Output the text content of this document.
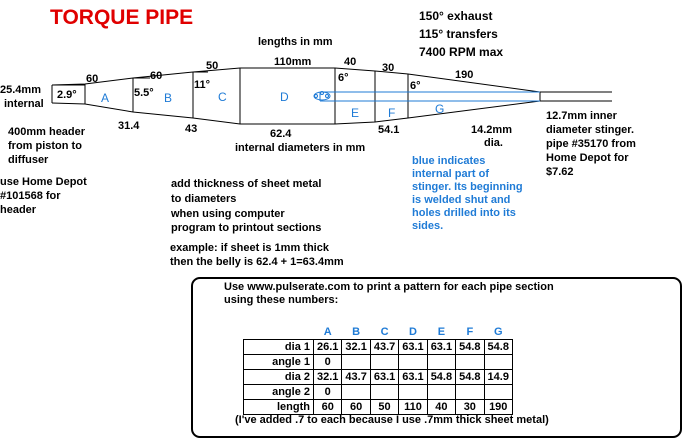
TORQUE PIPE	150° exhaust
115° transfers
7400 RPM max
lengths in mm
60	60
50	110mm	40 30
190
25.4mm
internal
31.4	43	62.4	54.1
internal diameters in mm
14.2mm
dia.
2.9°	5.5°
11°
6°
6°
A	B	C	D
E F	G
400mm header
from piston to
diffuser
use Home Depot
#101568 for
header
12.7mm inner
diameter stinger.
pipe #35170 from
Home Depot for
$7.62
blue indicates
internal part of
stinger. Its beginning
is welded shut and
holes drilled into its
sides.
add thickness of sheet metal
to diameters
when using computer
program to printout sections
example: if sheet is 1mm thick
then the belly is 62.4 + 1=63.4mm
Use www.pulserate.com to print a pattern for each pipe section
using these numbers:
	A	B	C	D	E	F	G
dia 1	26.1	32.1	43.7	63.1	63.1	54.8	54.8
angle 1	0						
dia 2	32.1	43.7	63.1	63.1	54.8	54.8	14.9
angle 2	0						
length	60	60	50	110	40	30	190
(I've added .7 to each because I use .7mm thick sheet metal)
